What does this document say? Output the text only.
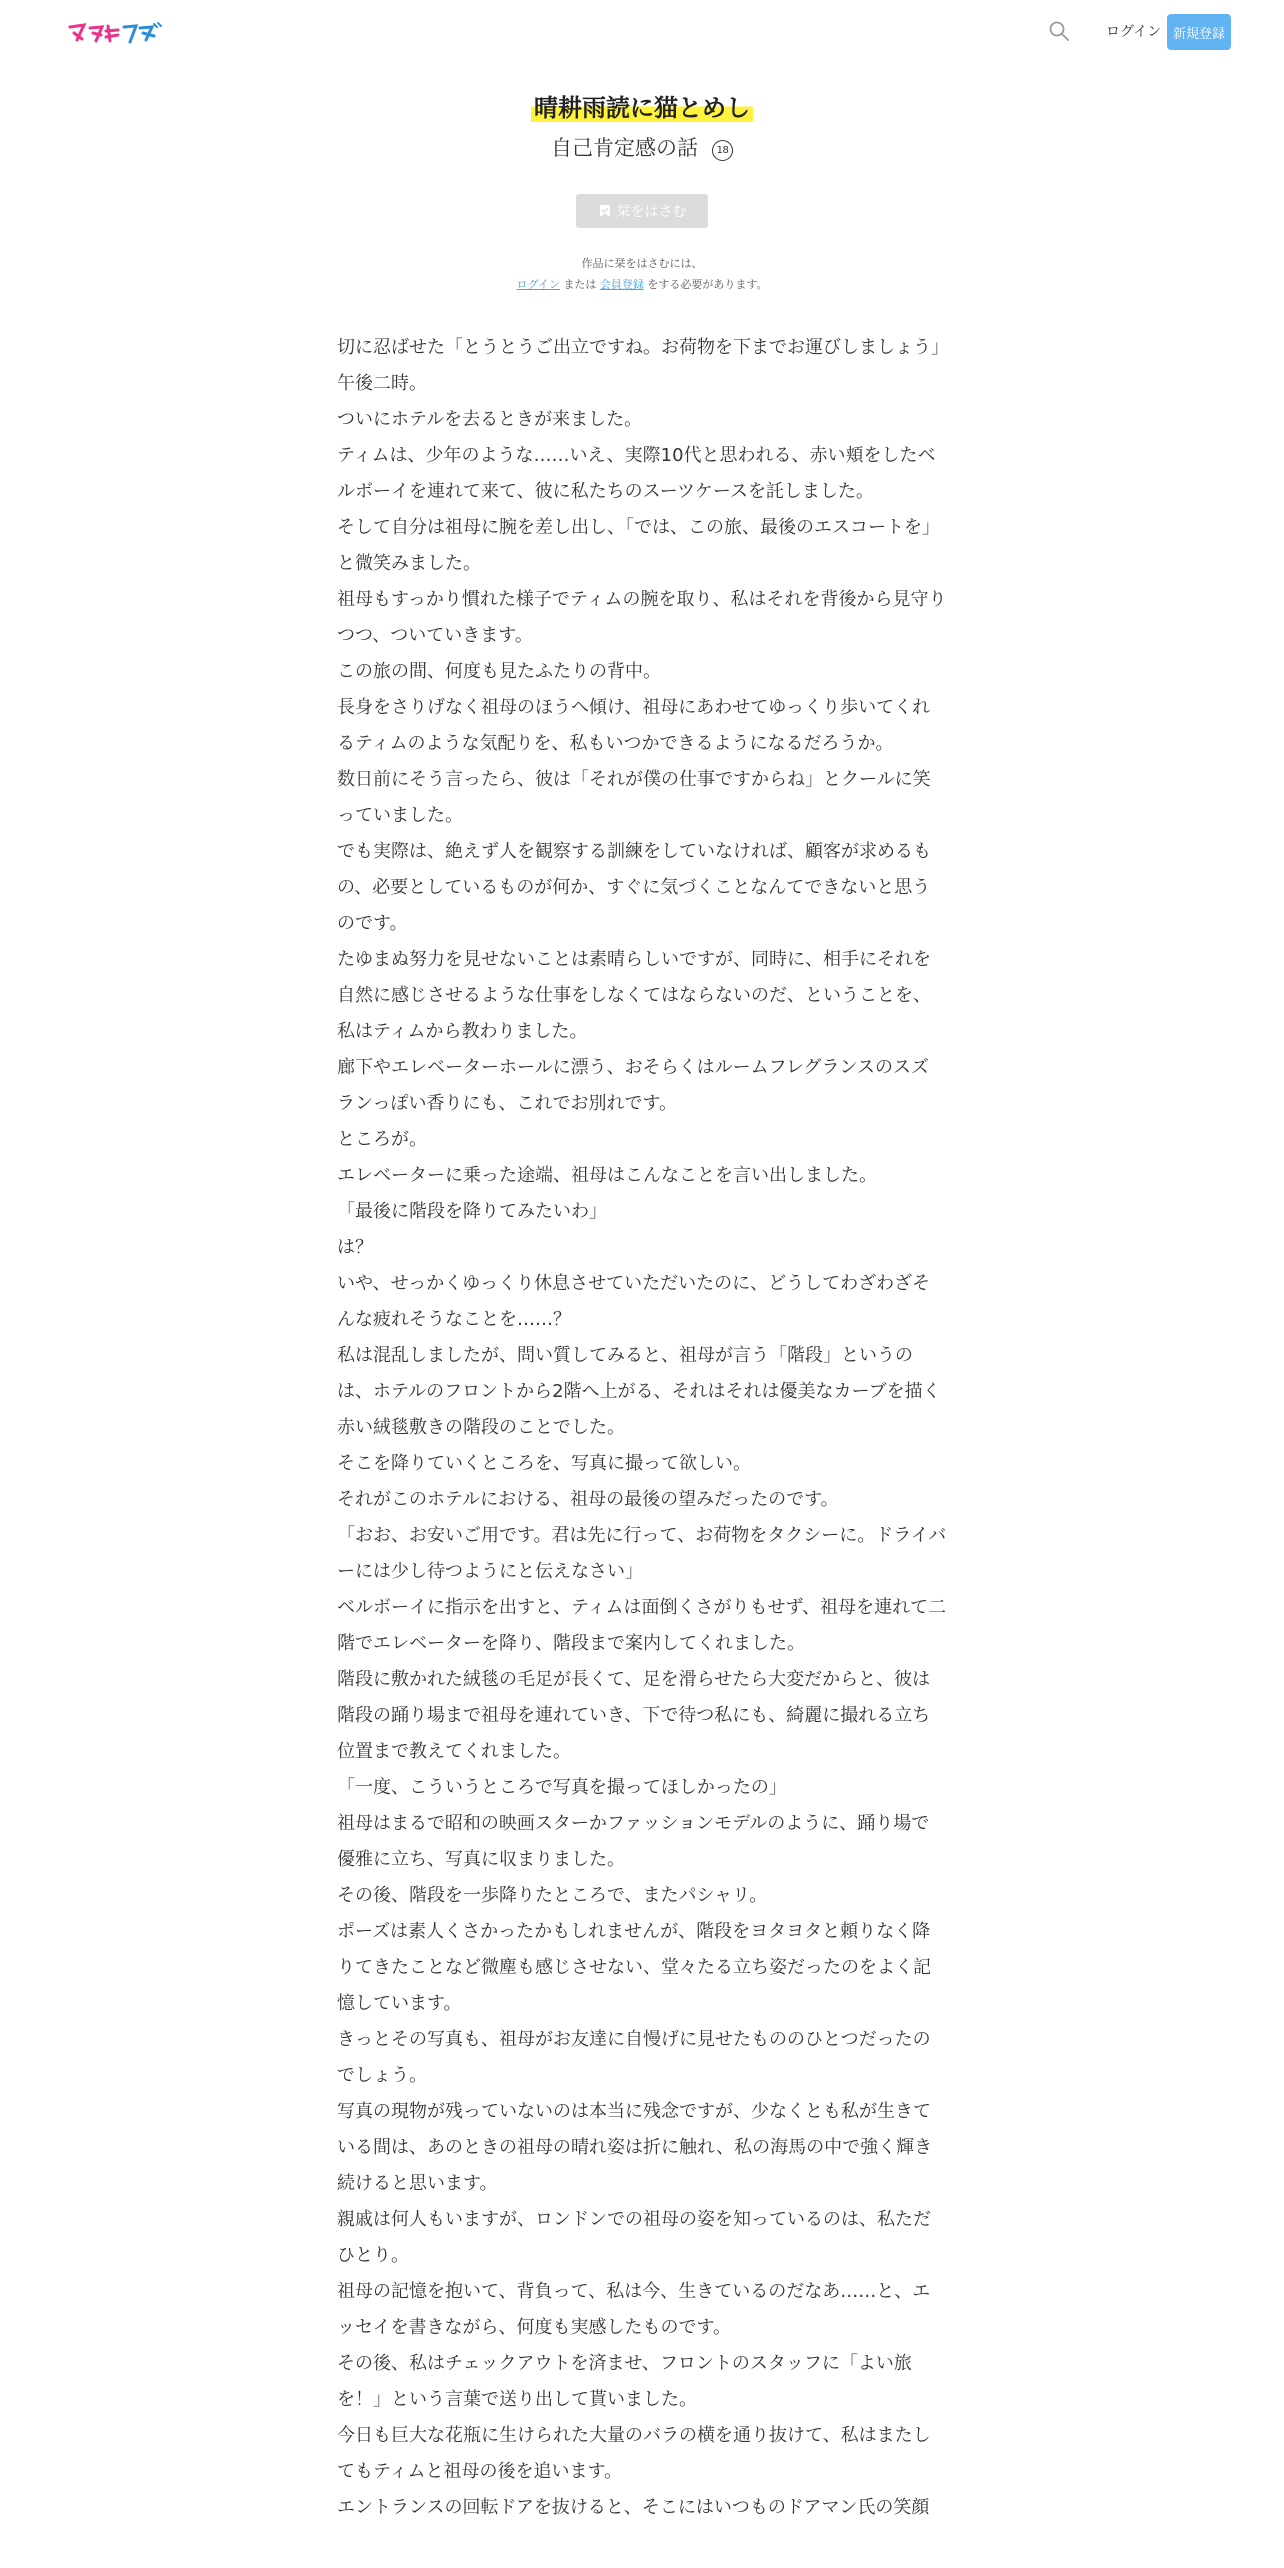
ログイン 新規登録
晴耕雨読に猫とめし
自己肯定感の話 18
栞をはさむ
作品に栞をはさむには、
ログイン または 会員登録 をする必要があります。

切に忍ばせた「とうとうご出立ですね。お荷物を下までお運びしましょう」

午後二時。

ついにホテルを去るときが来ました。

ティムは、少年のような……いえ、実際10代と思われる、赤い頬をしたベルボーイを連れて来て、彼に私たちのスーツケースを託しました。

そして自分は祖母に腕を差し出し、「では、この旅、最後のエスコートを」と微笑みました。

祖母もすっかり慣れた様子でティムの腕を取り、私はそれを背後から見守りつつ、ついていきます。

この旅の間、何度も見たふたりの背中。

長身をさりげなく祖母のほうへ傾け、祖母にあわせてゆっくり歩いてくれるティムのような気配りを、私もいつかできるようになるだろうか。

数日前にそう言ったら、彼は「それが僕の仕事ですからね」とクールに笑っていました。

でも実際は、絶えず人を観察する訓練をしていなければ、顧客が求めるもの、必要としているものが何か、すぐに気づくことなんてできないと思うのです。

たゆまぬ努力を見せないことは素晴らしいですが、同時に、相手にそれを自然に感じさせるような仕事をしなくてはならないのだ、ということを、私はティムから教わりました。

廊下やエレベーターホールに漂う、おそらくはルームフレグランスのスズランっぽい香りにも、これでお別れです。

ところが。

エレベーターに乗った途端、祖母はこんなことを言い出しました。

「最後に階段を降りてみたいわ」

は？

いや、せっかくゆっくり休息させていただいたのに、どうしてわざわざそんな疲れそうなことを……？

私は混乱しましたが、問い質してみると、祖母が言う「階段」というのは、ホテルのフロントから2階へ上がる、それはそれは優美なカーブを描く赤い絨毯敷きの階段のことでした。

そこを降りていくところを、写真に撮って欲しい。

それがこのホテルにおける、祖母の最後の望みだったのです。

「おお、お安いご用です。君は先に行って、お荷物をタクシーに。ドライバーには少し待つようにと伝えなさい」

ベルボーイに指示を出すと、ティムは面倒くさがりもせず、祖母を連れて二階でエレベーターを降り、階段まで案内してくれました。

階段に敷かれた絨毯の毛足が長くて、足を滑らせたら大変だからと、彼は階段の踊り場まで祖母を連れていき、下で待つ私にも、綺麗に撮れる立ち位置まで教えてくれました。

「一度、こういうところで写真を撮ってほしかったの」

祖母はまるで昭和の映画スターかファッションモデルのように、踊り場で優雅に立ち、写真に収まりました。

その後、階段を一歩降りたところで、またパシャリ。

ポーズは素人くさかったかもしれませんが、階段をヨタヨタと頼りなく降りてきたことなど微塵も感じさせない、堂々たる立ち姿だったのをよく記憶しています。

きっとその写真も、祖母がお友達に自慢げに見せたもののひとつだったのでしょう。

写真の現物が残っていないのは本当に残念ですが、少なくとも私が生きている間は、あのときの祖母の晴れ姿は折に触れ、私の海馬の中で強く輝き続けると思います。

親戚は何人もいますが、ロンドンでの祖母の姿を知っているのは、私ただひとり。

祖母の記憶を抱いて、背負って、私は今、生きているのだなあ……と、エッセイを書きながら、何度も実感したものです。

その後、私はチェックアウトを済ませ、フロントのスタッフに「よい旅を！」という言葉で送り出して貰いました。

今日も巨大な花瓶に生けられた大量のバラの横を通り抜けて、私はまたしてもティムと祖母の後を追います。

エントランスの回転ドアを抜けると、そこにはいつものドアマン氏の笑顔
